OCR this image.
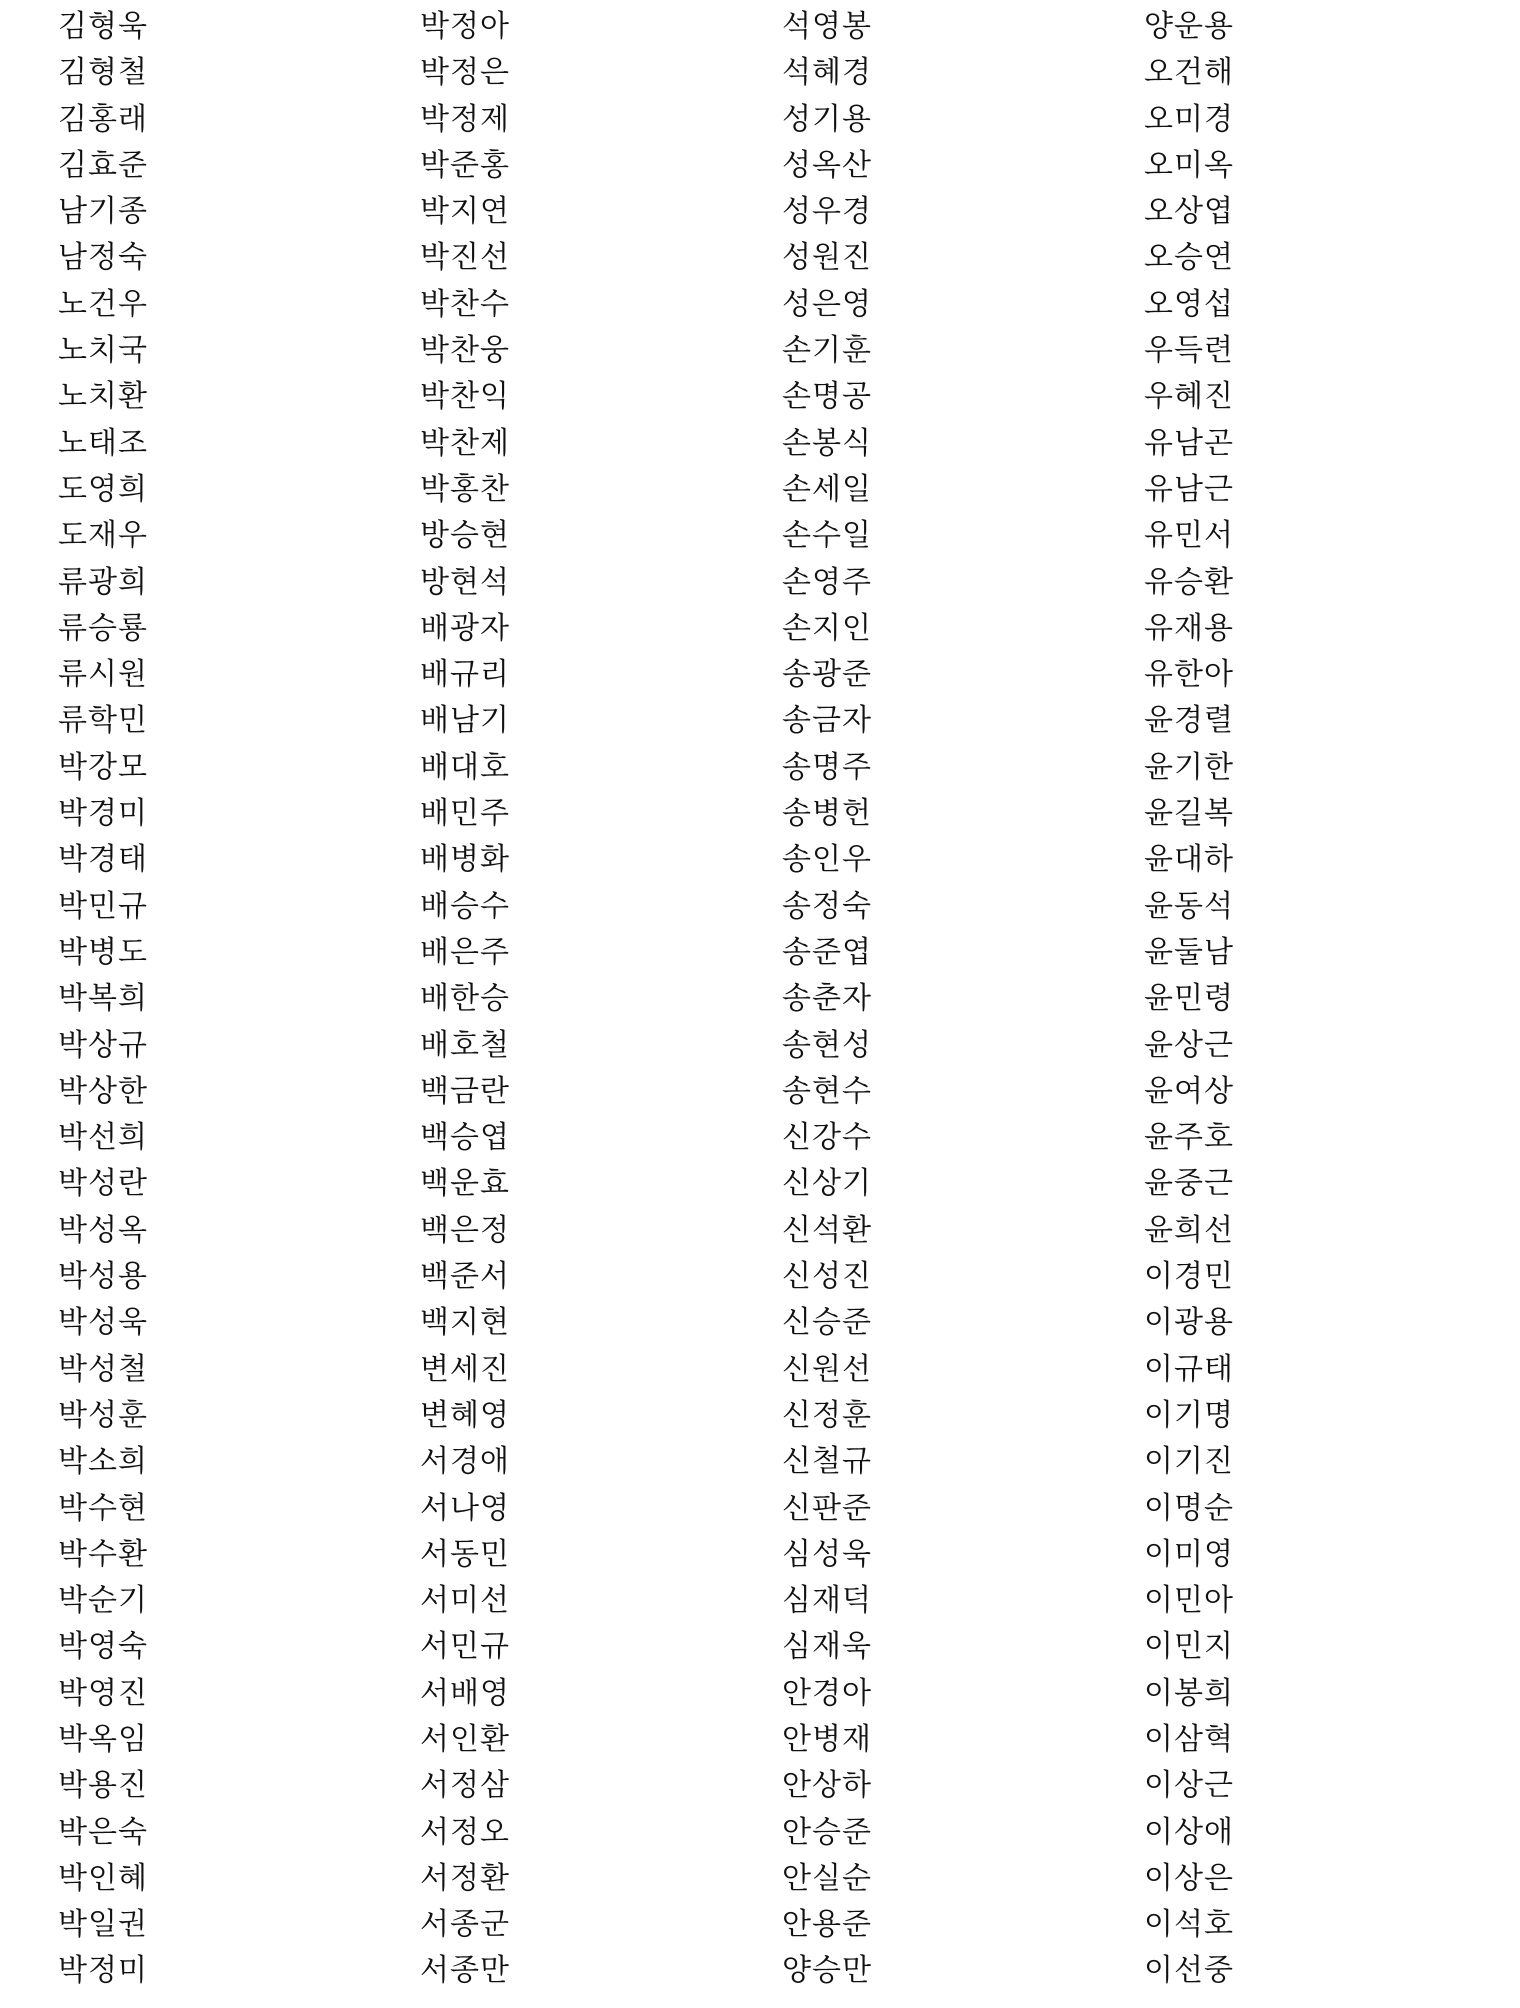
김형욱
김형철
김홍래
김효준
남기종
남정숙
노건우
노치국
노치환
노태조
도영희
도재우
류광희
류승룡
류시원
류학민
박강모
박경미
박경태
박민규
박병도
박복희
박상규
박상한
박선희
박성란
박성옥
박성용
박성욱
박성철
박성훈
박소희
박수현
박수환
박순기
박영숙
박영진
박옥임
박용진
박은숙
박인혜
박일권
박정미
박정아
박정은
박정제
박준홍
박지연
박진선
박찬수
박찬웅
박찬익
박찬제
박홍찬
방승현
방현석
배광자
배규리
배남기
배대호
배민주
배병화
배승수
배은주
배한승
배호철
백금란
백승엽
백운효
백은정
백준서
백지현
변세진
변혜영
서경애
서나영
서동민
서미선
서민규
서배영
서인환
서정삼
서정오
서정환
서종군
서종만
석영봉
석혜경
성기용
성옥산
성우경
성원진
성은영
손기훈
손명공
손봉식
손세일
손수일
손영주
손지인
송광준
송금자
송명주
송병헌
송인우
송정숙
송준엽
송춘자
송현성
송현수
신강수
신상기
신석환
신성진
신승준
신원선
신정훈
신철규
신판준
심성욱
심재덕
심재욱
안경아
안병재
안상하
안승준
안실순
안용준
양승만
양운용
오건해
오미경
오미옥
오상엽
오승연
오영섭
우득련
우혜진
유남곤
유남근
유민서
유승환
유재용
유한아
윤경렬
윤기한
윤길복
윤대하
윤동석
윤둘남
윤민령
윤상근
윤여상
윤주호
윤중근
윤희선
이경민
이광용
이규태
이기명
이기진
이명순
이미영
이민아
이민지
이봉희
이삼혁
이상근
이상애
이상은
이석호
이선중
